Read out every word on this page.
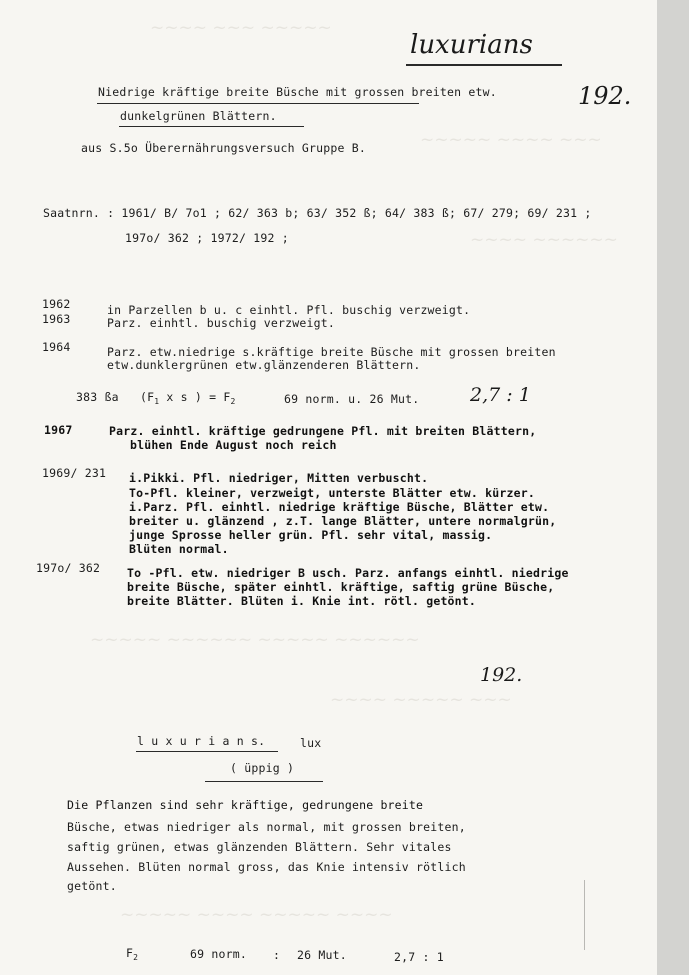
~~~~ ~~~ ~~~~~
~~~~~ ~~~~ ~~~
~~~~ ~~~~~~
~~~~~ ~~~~~~ ~~~~~ ~~~~~~
~~~~ ~~~~~ ~~~
~~~~~ ~~~~ ~~~~~ ~~~~
luxurians
192.
Niedrige kräftige breite Büsche mit grossen breiten etw.
dunkelgrünen Blättern.
aus S.5o Überernährungsversuch Gruppe B.
Saatnrn. : 1961/ B/ 7o1 ; 62/ 363 b; 63/ 352 ß; 64/ 383 ß; 67/ 279; 69/ 231 ;
197o/ 362 ; 1972/ 192 ;
1962	in Parzellen b u. c einhtl. Pfl. buschig verzweigt.
1963	Parz. einhtl. buschig verzweigt.
1964	Parz. etw.niedrige s.kräftige breite Büsche mit grossen breiten
etw.dunklergrünen etw.glänzenderen Blättern.
383 ßa ($F_1$ x s ) = $F_2$	69 norm. u. 26 Mut.	2,7 : 1
1967	Parz. einhtl. kräftige gedrungene Pfl. mit breiten Blättern,
blühen Ende August noch reich
1969/ 231 i.Pikki. Pfl. niedriger, Mitten verbuscht.
To-Pfl. kleiner, verzweigt, unterste Blätter etw. kürzer.
i.Parz. Pfl. einhtl. niedrige kräftige Büsche, Blätter etw.
breiter u. glänzend , z.T. lange Blätter, untere normalgrün,
junge Sprosse heller grün. Pfl. sehr vital, massig.
Blüten normal.
197o/ 362 To -Pfl. etw. niedriger B usch. Parz. anfangs einhtl. niedrige
breite Büsche, später einhtl. kräftige, saftig grüne Büsche,
breite Blätter. Blüten i. Knie int. rötl. getönt.
192.
l u x u r i a n s.	lux
( üppig )
Die Pflanzen sind sehr kräftige, gedrungene breite
Büsche, etwas niedriger als normal, mit grossen breiten,
saftig grünen, etwas glänzenden Blättern. Sehr vitales
Aussehen. Blüten normal gross, das Knie intensiv rötlich
getönt.
$F_2$	69 norm. : 26 Mut.	2,7 : 1
